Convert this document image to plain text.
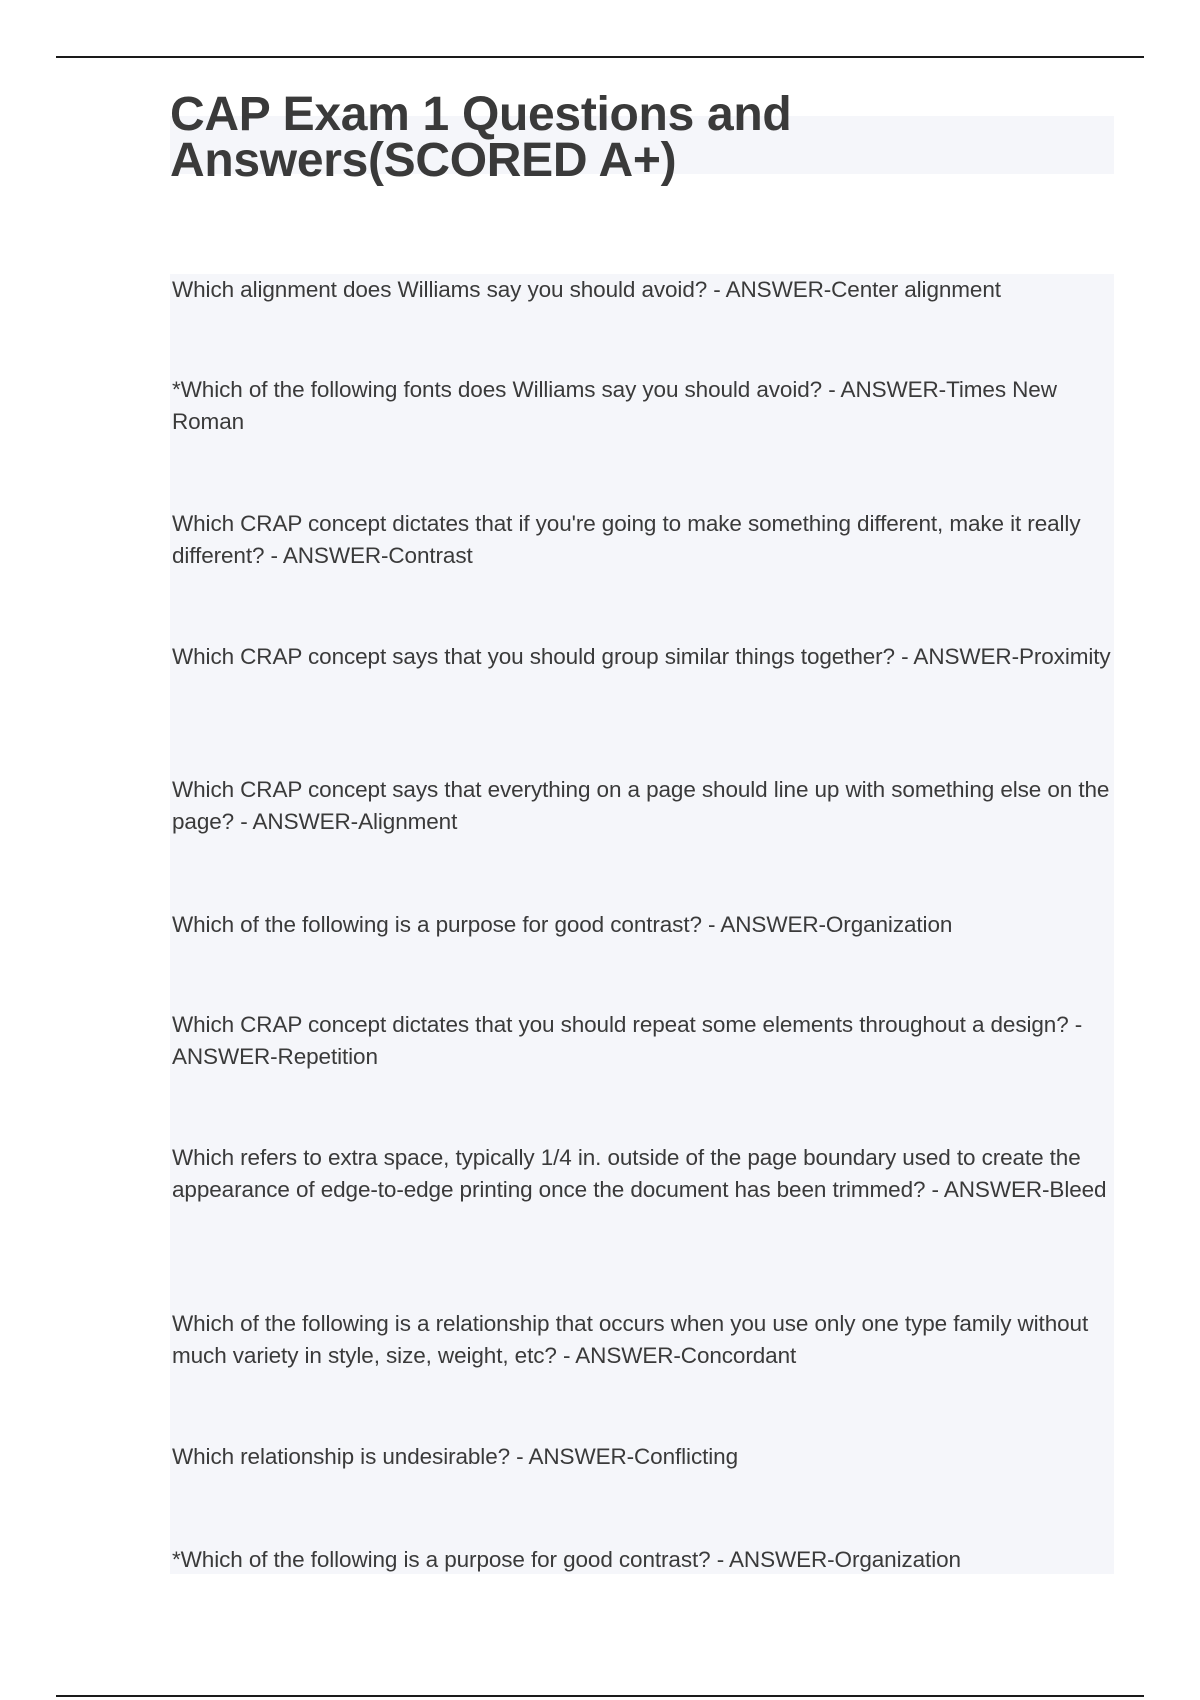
CAP Exam 1 Questions and Answers(SCORED A+)
Which alignment does Williams say you should avoid? - ANSWER-Center alignment
*Which of the following fonts does Williams say you should avoid? - ANSWER-Times New Roman
Which CRAP concept dictates that if you're going to make something different, make it really different? - ANSWER-Contrast
Which CRAP concept says that you should group similar things together? - ANSWER-Proximity
Which CRAP concept says that everything on a page should line up with something else on the page? - ANSWER-Alignment
Which of the following is a purpose for good contrast? - ANSWER-Organization
Which CRAP concept dictates that you should repeat some elements throughout a design? - ANSWER-Repetition
Which refers to extra space, typically 1/4 in. outside of the page boundary used to create the appearance of edge-to-edge printing once the document has been trimmed? - ANSWER-Bleed
Which of the following is a relationship that occurs when you use only one type family without much variety in style, size, weight, etc? - ANSWER-Concordant
Which relationship is undesirable? - ANSWER-Conflicting
*Which of the following is a purpose for good contrast? - ANSWER-Organization
